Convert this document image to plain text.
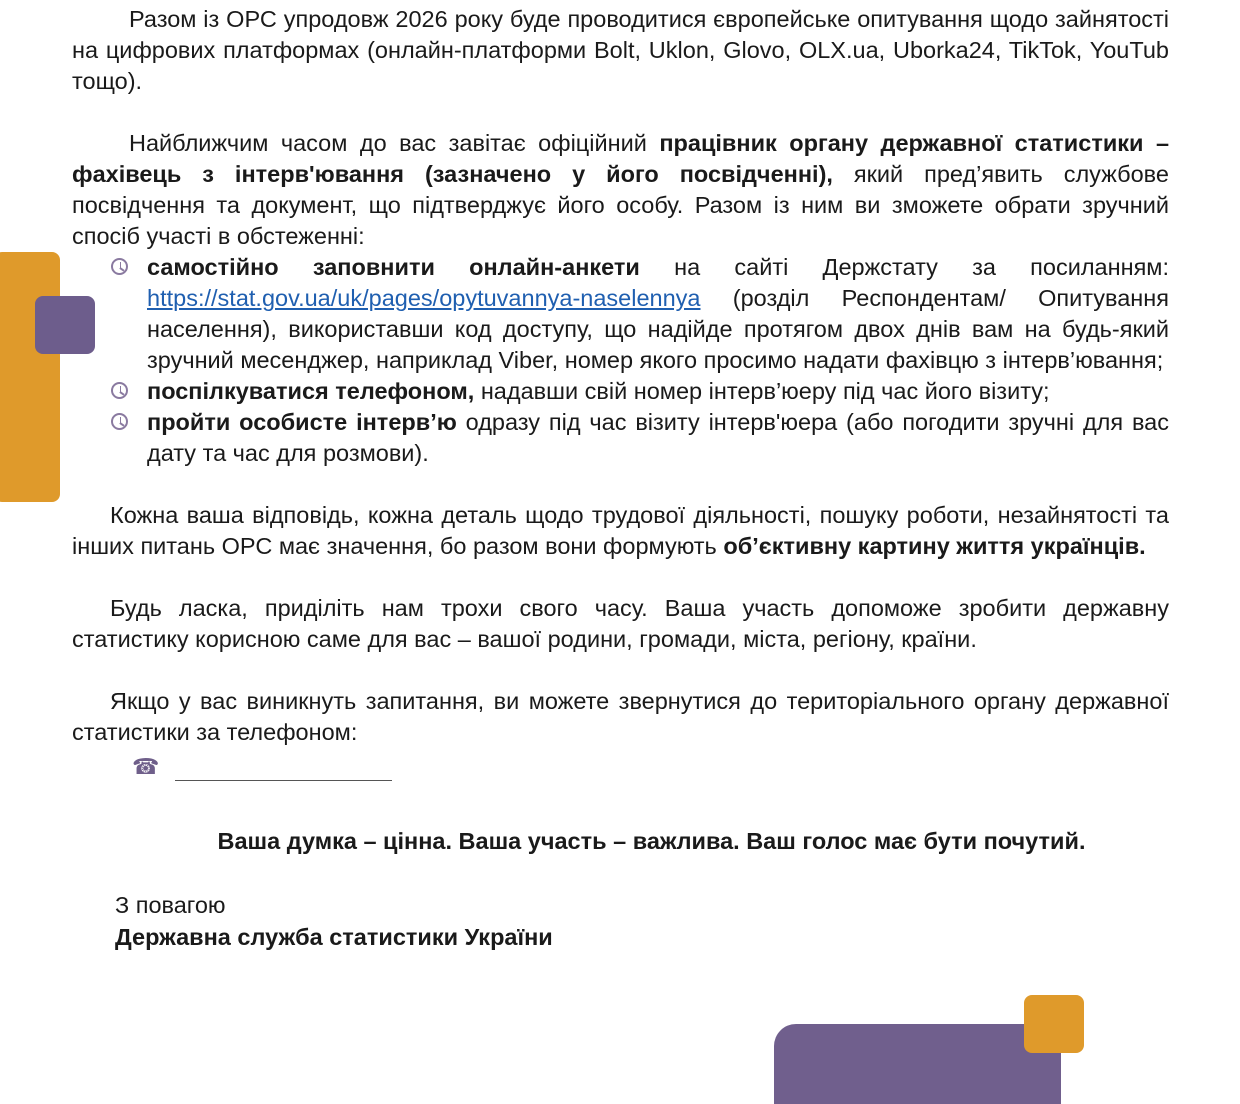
Разом із ОРС упродовж 2026 року буде проводитися європейське опитування щодо зайнятості на цифрових платформах (онлайн-платформи Bolt, Uklon, Glovo, OLX.ua, Uborka24, TikTok, YouTub тощо).

Найближчим часом до вас завітає офіційний працівник органу державної статистики – фахівець з інтерв'ювання (зазначено у його посвідченні), який пред’явить службове посвідчення та документ, що підтверджує його особу. Разом із ним ви зможете обрати зручний спосіб участі в обстеженні:

самостійно заповнити онлайн-анкети на сайті Держстату за посиланням: https://stat.gov.ua/uk/pages/opytuvannya-naselennya (розділ Респондентам/ Опитування населення), використавши код доступу, що надійде протягом двох днів вам на будь-який зручний месенджер, наприклад Viber, номер якого просимо надати фахівцю з інтерв’ювання;
поспілкуватися телефоном, надавши свій номер інтерв’юеру під час його візиту;
пройти особисте інтерв’ю одразу під час візиту інтерв'юера (або погодити зручні для вас дату та час для розмови).

Кожна ваша відповідь, кожна деталь щодо трудової діяльності, пошуку роботи, незайнятості та інших питань ОРС має значення, бо разом вони формують об’єктивну картину життя українців.

Будь ласка, приділіть нам трохи свого часу. Ваша участь допоможе зробити державну статистику корисною саме для вас – вашої родини, громади, міста, регіону, країни.

Якщо у вас виникнуть запитання, ви можете звернутися до територіального органу державної статистики за телефоном:

☎
Ваша думка – цінна. Ваша участь – важлива. Ваш голос має бути почутий.
З повагою
Державна служба статистики України
